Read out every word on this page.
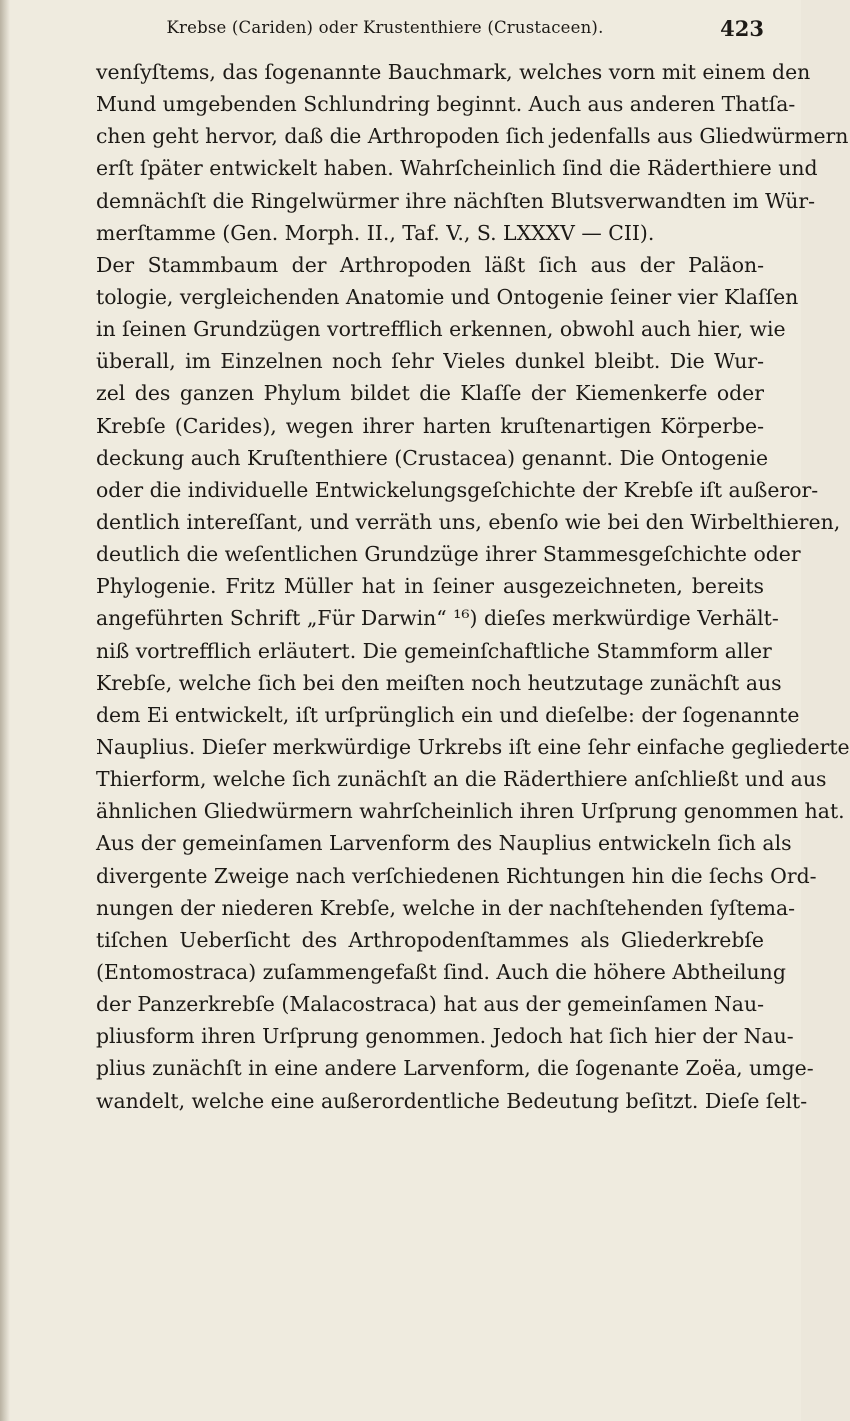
Krebse (Cariden) oder Krustenthiere (Crustaceen).	423
venſyſtems, das ſogenannte Bauchmark, welches vorn mit einem den
Mund umgebenden Schlundring beginnt. Auch aus anderen Thatſa-
chen geht hervor, daß die Arthropoden ſich jedenfalls aus Gliedwürmern
erſt ſpäter entwickelt haben. Wahrſcheinlich ſind die Räderthiere und
demnächſt die Ringelwürmer ihre nächſten Blutsverwandten im Wür-
merſtamme (Gen. Morph. II., Taf. V., S. LXXXV — CII).
Der Stammbaum der Arthropoden läßt ſich aus der Paläon-
tologie, vergleichenden Anatomie und Ontogenie ſeiner vier Klaſſen
in ſeinen Grundzügen vortrefflich erkennen, obwohl auch hier, wie
überall, im Einzelnen noch ſehr Vieles dunkel bleibt. Die Wur-
zel des ganzen Phylum bildet die Klaſſe der Kiemenkerfe oder
Krebſe (Carides), wegen ihrer harten kruſtenartigen Körperbe-
deckung auch Kruſtenthiere (Crustacea) genannt. Die Ontogenie
oder die individuelle Entwickelungsgeſchichte der Krebſe iſt außeror-
dentlich intereſſant, und verräth uns, ebenſo wie bei den Wirbelthieren,
deutlich die weſentlichen Grundzüge ihrer Stammesgeſchichte oder
Phylogenie. Fritz Müller hat in ſeiner ausgezeichneten, bereits
angeführten Schrift „Für Darwin“ ¹⁶) dieſes merkwürdige Verhält-
niß vortrefflich erläutert. Die gemeinſchaftliche Stammform aller
Krebſe, welche ſich bei den meiſten noch heutzutage zunächſt aus
dem Ei entwickelt, iſt urſprünglich ein und dieſelbe: der ſogenannte
Nauplius. Dieſer merkwürdige Urkrebs iſt eine ſehr einfache gegliederte
Thierform, welche ſich zunächſt an die Räderthiere anſchließt und aus
ähnlichen Gliedwürmern wahrſcheinlich ihren Urſprung genommen hat.
Aus der gemeinſamen Larvenform des Nauplius entwickeln ſich als
divergente Zweige nach verſchiedenen Richtungen hin die ſechs Ord-
nungen der niederen Krebſe, welche in der nachſtehenden ſyſtema-
tiſchen Ueberſicht des Arthropodenſtammes als Gliederkrebſe
(Entomostraca) zuſammengefaßt ſind. Auch die höhere Abtheilung
der Panzerkrebſe (Malacostraca) hat aus der gemeinſamen Nau-
pliusform ihren Urſprung genommen. Jedoch hat ſich hier der Nau-
plius zunächſt in eine andere Larvenform, die ſogenante Zoëa, umge-
wandelt, welche eine außerordentliche Bedeutung beſitzt. Dieſe ſelt-
